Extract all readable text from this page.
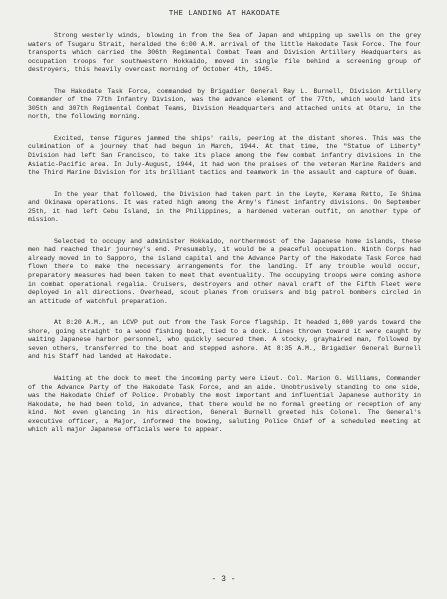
THE LANDING AT HAKODATE

Strong westerly winds, blowing in from the Sea of Japan and whipping up swells on the grey waters of Tsugaru Strait, heralded the 6:00 A.M. arrival of the little Hakodate Task Force. The four transports which carried the 306th Regimental Combat Team and Division Artillery Headquarters as occupation troops for southwestern Hokkaido, moved in single file behind a screening group of destroyers, this heavily overcast morning of October 4th, 1945.

The Hakodate Task Force, commanded by Brigadier General Ray L. Burnell, Division Artillery Commander of the 77th Infantry Division, was the advance element of the 77th, which would land its 305th and 307th Regimental Combat Teams, Division Headquarters and attached units at Otaru, in the north, the following morning.

Excited, tense figures jammed the ships' rails, peering at the distant shores. This was the culmination of a journey that had begun in March, 1944. At that time, the "Statue of Liberty" Division had left San Francisco, to take its place among the few combat infantry divisions in the Asiatic-Pacific area. In July-August, 1944, it had won the praises of the veteran Marine Raiders and the Third Marine Division for its brilliant tactics and teamwork in the assault and capture of Guam.

In the year that followed, the Division had taken part in the Leyte, Kerama Retto, Ie Shima and Okinawa operations. It was rated high among the Army's finest infantry divisions. On September 25th, it had left Cebu Island, in the Philippines, a hardened veteran outfit, on another type of mission.

Selected to occupy and administer Hokkaido, northernmost of the Japanese home islands, these men had reached their journey's end. Presumably, it would be a peaceful occupation. Ninth Corps had already moved in to Sapporo, the island capital and the Advance Party of the Hakodate Task Force had flown there to make the necessary arrangements for the landing. If any trouble would occur, preparatory measures had been taken to meet that eventuality. The occupying troops were coming ashore in combat operational regalia. Cruisers, destroyers and other naval craft of the Fifth Fleet were deployed in all directions. Overhead, scout planes from cruisers and big patrol bombers circled in an attitude of watchful preparation.

At 8:20 A.M., an LCVP put out from the Task Force flagship. It headed 1,000 yards toward the shore, going straight to a wood fishing boat, tied to a dock. Lines thrown toward it were caught by waiting Japanese harbor personnel, who quickly secured them. A stocky, grayhaired man, followed by seven others, transferred to the boat and stepped ashore. At 8:35 A.M., Brigadier General Burnell and his Staff had landed at Hakodate.

Waiting at the dock to meet the incoming party were Lieut. Col. Marion G. Williams, Commander of the Advance Party of the Hakodate Task Force, and an aide. Unobtrusively standing to one side, was the Hakodate Chief of Police. Probably the most important and influential Japanese authority in Hakodate, he had been told, in advance, that there would be no formal greeting or reception of any kind. Not even glancing in his direction, General Burnell greeted his Colonel. The General's executive officer, a Major, informed the bowing, saluting Police Chief of a scheduled meeting at which all major Japanese officials were to appear.

- 3 -
